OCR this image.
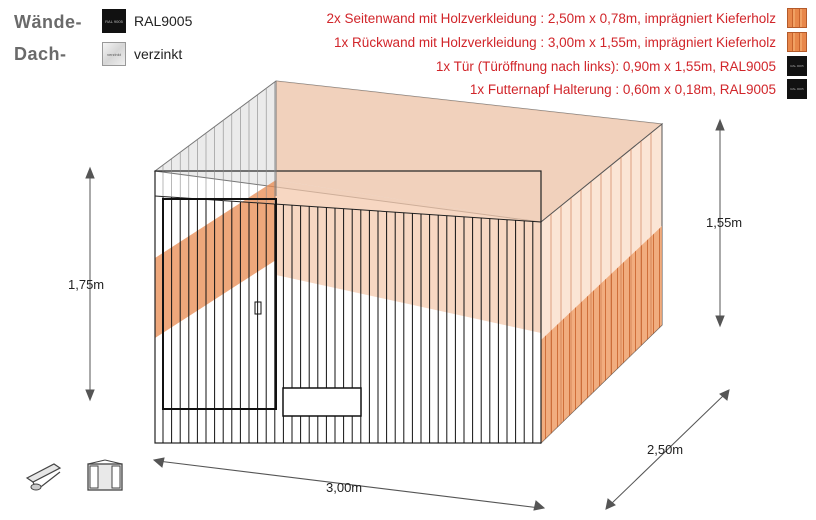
Wände-	RAL 9005 RAL9005
Dach-	verzinkt verzinkt
2x Seitenwand mit Holzverkleidung : 2,50m x 0,78m, imprägniert Kieferholz
1x Rückwand mit Holzverkleidung : 3,00m x 1,55m, imprägniert Kieferholz
1x Tür (Türöffnung nach links): 0,90m x 1,55m, RAL9005	RAL 9005
1x Futternapf Halterung : 0,60m x 0,18m, RAL9005	RAL 9005
1,75m
1,55m
3,00m
2,50m
